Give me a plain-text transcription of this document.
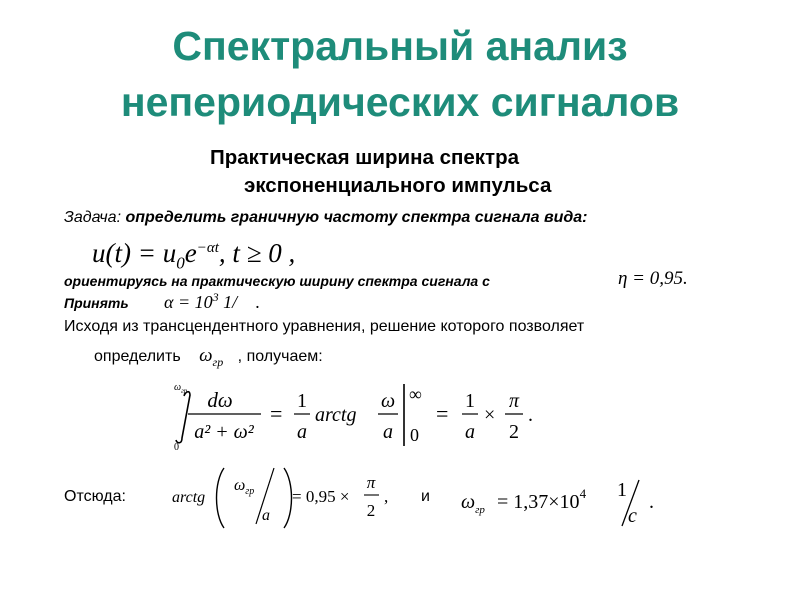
Спектральный анализ
непериодических сигналов
Практическая ширина спектра
экспоненциального импульса
Задача: определить граничную частоту спектра сигнала вида:
$u(t) = u_0e^{-\alpha t}$, t ≥ 0 ,
ориентируясь на практическую ширину спектра сигнала с	η = 0,95.
Принять $\alpha = 10^3$ 1/ .
Исходя из трансцендентного уравнения, решение которого позволяет
определить $\omega_{гр}$ , получаем:
$\omega_{гр}$
0
dω
a² + ω²
= 1
a
arctg
ω
a
∞
0
= 1
a
×
π
2
.
Отсюда:	arctg
$\omega_{гр}$
a
= 0,95 ×
π
2
, и $\omega_{гр} = 1,37\times 10^4$ 1
c
.
